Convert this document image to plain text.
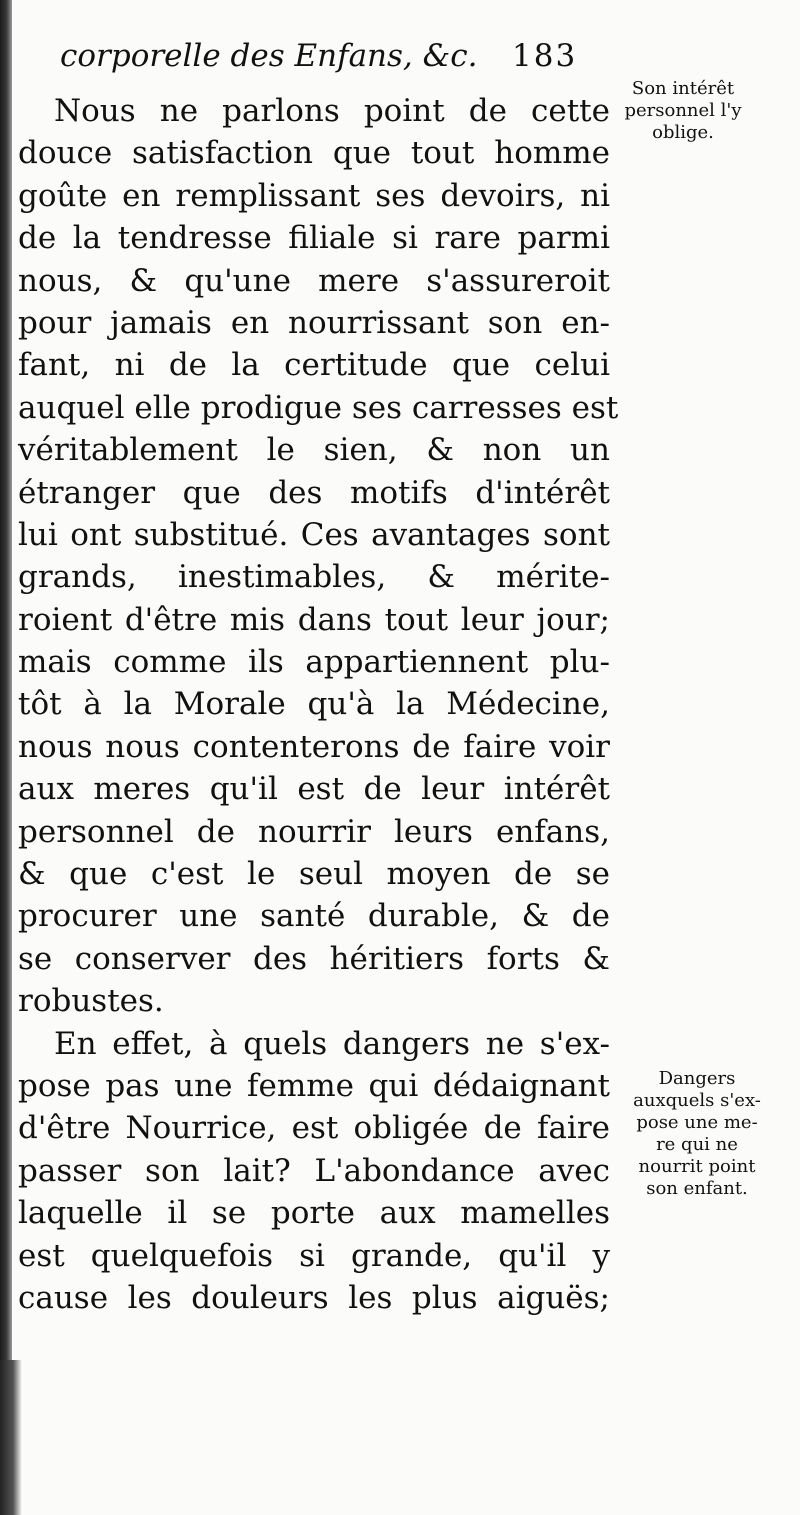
corporelle des Enfans, &c.	183
Nous ne parlons point de cette
douce satisfaction que tout homme
goûte en remplissant ses devoirs, ni
de la tendresse filiale si rare parmi
nous, & qu'une mere s'assureroit
pour jamais en nourrissant son en-
fant, ni de la certitude que celui
auquel elle prodigue ses carresses est
véritablement le sien, & non un
étranger que des motifs d'intérêt
lui ont substitué. Ces avantages sont
grands, inestimables, & mérite-
roient d'être mis dans tout leur jour;
mais comme ils appartiennent plu-
tôt à la Morale qu'à la Médecine,
nous nous contenterons de faire voir
aux meres qu'il est de leur intérêt
personnel de nourrir leurs enfans,
& que c'est le seul moyen de se
procurer une santé durable, & de
se conserver des héritiers forts &
robustes.
En effet, à quels dangers ne s'ex-
pose pas une femme qui dédaignant
d'être Nourrice, est obligée de faire
passer son lait? L'abondance avec
laquelle il se porte aux mamelles
est quelquefois si grande, qu'il y
cause les douleurs les plus aiguës;
Son intérêt
personnel l'y
oblige.
Dangers
auxquels s'ex-
pose une me-
re qui ne
nourrit point
son enfant.
